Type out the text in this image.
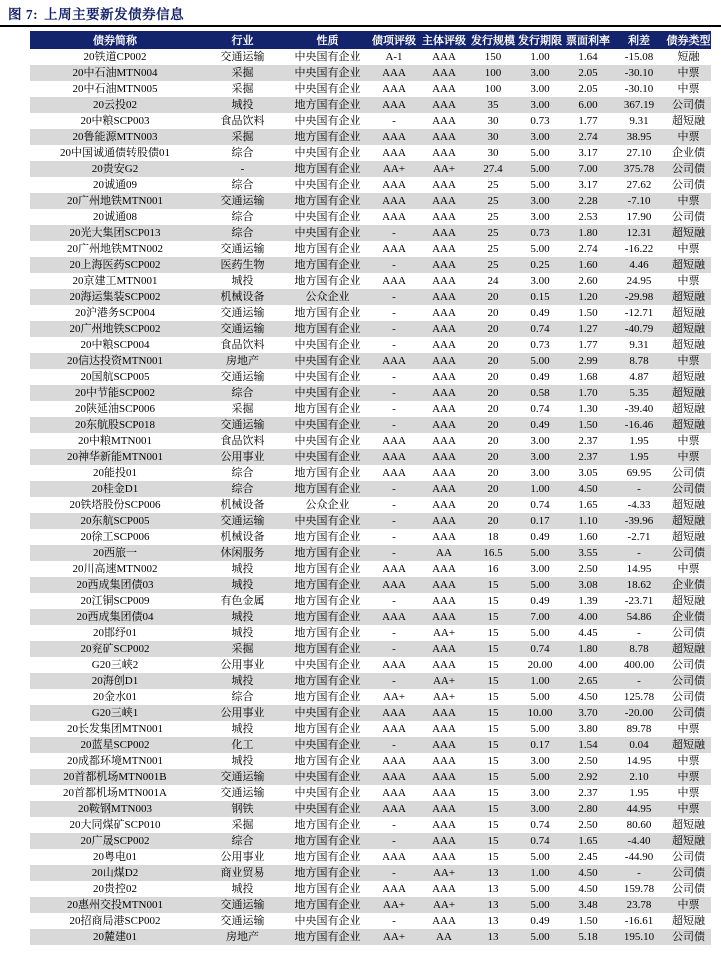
图 7: 上周主要新发债券信息
债券简称	行业	性质	债项评级	主体评级	发行规模	发行期限	票面利率	利差	债券类型
20铁道CP002	交通运输	中央国有企业	A-1	AAA	150	1.00	1.64	-15.08	短融
20中石油MTN004	采掘	中央国有企业	AAA	AAA	100	3.00	2.05	-30.10	中票
20中石油MTN005	采掘	中央国有企业	AAA	AAA	100	3.00	2.05	-30.10	中票
20云投02	城投	地方国有企业	AAA	AAA	35	3.00	6.00	367.19	公司债
20中粮SCP003	食品饮料	中央国有企业	-	AAA	30	0.73	1.77	9.31	超短融
20鲁能源MTN003	采掘	地方国有企业	AAA	AAA	30	3.00	2.74	38.95	中票
20中国诚通债转股债01	综合	中央国有企业	AAA	AAA	30	5.00	3.17	27.10	企业债
20贵安G2	-	地方国有企业	AA+	AA+	27.4	5.00	7.00	375.78	公司债
20诚通09	综合	中央国有企业	AAA	AAA	25	5.00	3.17	27.62	公司债
20广州地铁MTN001	交通运输	地方国有企业	AAA	AAA	25	3.00	2.28	-7.10	中票
20诚通08	综合	中央国有企业	AAA	AAA	25	3.00	2.53	17.90	公司债
20光大集团SCP013	综合	中央国有企业	-	AAA	25	0.73	1.80	12.31	超短融
20广州地铁MTN002	交通运输	地方国有企业	AAA	AAA	25	5.00	2.74	-16.22	中票
20上海医药SCP002	医药生物	地方国有企业	-	AAA	25	0.25	1.60	4.46	超短融
20京建工MTN001	城投	地方国有企业	AAA	AAA	24	3.00	2.60	24.95	中票
20海运集装SCP002	机械设备	公众企业	-	AAA	20	0.15	1.20	-29.98	超短融
20沪港务SCP004	交通运输	地方国有企业	-	AAA	20	0.49	1.50	-12.71	超短融
20广州地铁SCP002	交通运输	地方国有企业	-	AAA	20	0.74	1.27	-40.79	超短融
20中粮SCP004	食品饮料	中央国有企业	-	AAA	20	0.73	1.77	9.31	超短融
20信达投资MTN001	房地产	中央国有企业	AAA	AAA	20	5.00	2.99	8.78	中票
20国航SCP005	交通运输	中央国有企业	-	AAA	20	0.49	1.68	4.87	超短融
20中节能SCP002	综合	中央国有企业	-	AAA	20	0.58	1.70	5.35	超短融
20陕延油SCP006	采掘	地方国有企业	-	AAA	20	0.74	1.30	-39.40	超短融
20东航股SCP018	交通运输	中央国有企业	-	AAA	20	0.49	1.50	-16.46	超短融
20中粮MTN001	食品饮料	中央国有企业	AAA	AAA	20	3.00	2.37	1.95	中票
20神华新能MTN001	公用事业	中央国有企业	AAA	AAA	20	3.00	2.37	1.95	中票
20能投01	综合	地方国有企业	AAA	AAA	20	3.00	3.05	69.95	公司债
20桂金D1	综合	地方国有企业	-	AAA	20	1.00	4.50	-	公司债
20铁塔股份SCP006	机械设备	公众企业	-	AAA	20	0.74	1.65	-4.33	超短融
20东航SCP005	交通运输	中央国有企业	-	AAA	20	0.17	1.10	-39.96	超短融
20徐工SCP006	机械设备	地方国有企业	-	AAA	18	0.49	1.60	-2.71	超短融
20西旅一	休闲服务	地方国有企业	-	AA	16.5	5.00	3.55	-	公司债
20川高速MTN002	城投	地方国有企业	AAA	AAA	16	3.00	2.50	14.95	中票
20西成集团债03	城投	地方国有企业	AAA	AAA	15	5.00	3.08	18.62	企业债
20江铜SCP009	有色金属	地方国有企业	-	AAA	15	0.49	1.39	-23.71	超短融
20西成集团债04	城投	地方国有企业	AAA	AAA	15	7.00	4.00	54.86	企业债
20邯纾01	城投	地方国有企业	-	AA+	15	5.00	4.45	-	公司债
20兖矿SCP002	采掘	地方国有企业	-	AAA	15	0.74	1.80	8.78	超短融
G20三峡2	公用事业	中央国有企业	AAA	AAA	15	20.00	4.00	400.00	公司债
20海创D1	城投	地方国有企业	-	AA+	15	1.00	2.65	-	公司债
20金水01	综合	地方国有企业	AA+	AA+	15	5.00	4.50	125.78	公司债
G20三峡1	公用事业	中央国有企业	AAA	AAA	15	10.00	3.70	-20.00	公司债
20长发集团MTN001	城投	地方国有企业	AAA	AAA	15	5.00	3.80	89.78	中票
20蓝星SCP002	化工	中央国有企业	-	AAA	15	0.17	1.54	0.04	超短融
20成都环境MTN001	城投	地方国有企业	AAA	AAA	15	3.00	2.50	14.95	中票
20首都机场MTN001B	交通运输	中央国有企业	AAA	AAA	15	5.00	2.92	2.10	中票
20首都机场MTN001A	交通运输	中央国有企业	AAA	AAA	15	3.00	2.37	1.95	中票
20鞍钢MTN003	钢铁	中央国有企业	AAA	AAA	15	3.00	2.80	44.95	中票
20大同煤矿SCP010	采掘	地方国有企业	-	AAA	15	0.74	2.50	80.60	超短融
20广晟SCP002	综合	地方国有企业	-	AAA	15	0.74	1.65	-4.40	超短融
20粤电01	公用事业	地方国有企业	AAA	AAA	15	5.00	2.45	-44.90	公司债
20山煤D2	商业贸易	地方国有企业	-	AA+	13	1.00	4.50	-	公司债
20贵控02	城投	地方国有企业	AAA	AAA	13	5.00	4.50	159.78	公司债
20惠州交投MTN001	交通运输	地方国有企业	AA+	AA+	13	5.00	3.48	23.78	中票
20招商局港SCP002	交通运输	中央国有企业	-	AAA	13	0.49	1.50	-16.61	超短融
20麓建01	房地产	地方国有企业	AA+	AA	13	5.00	5.18	195.10	公司债
